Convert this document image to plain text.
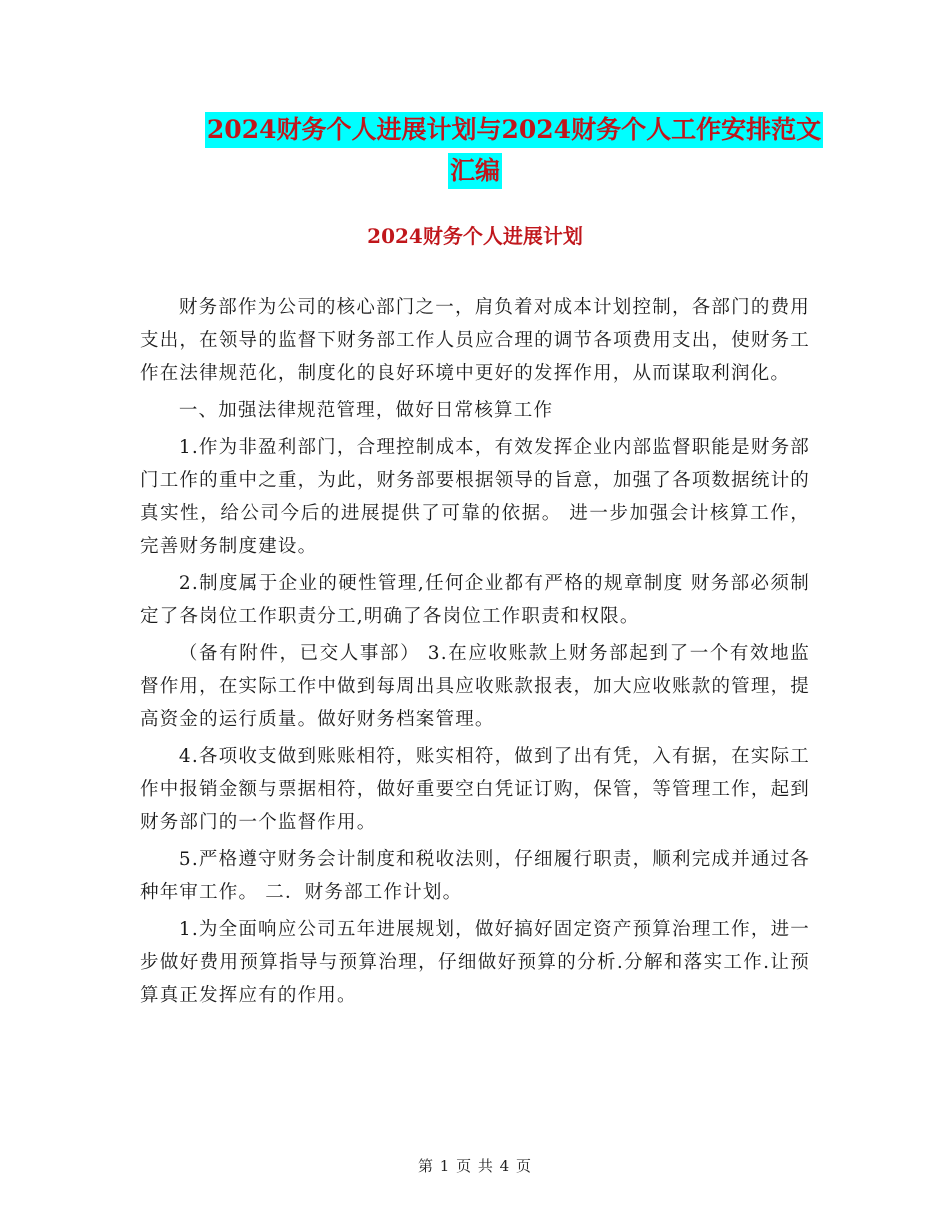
2024财务个人进展计划与2024财务个人工作安排范文
汇编
2024财务个人进展计划

财务部作为公司的核心部门之一，肩负着对成本计划控制，各部门的费用支出，在领导的监督下财务部工作人员应合理的调节各项费用支出，使财务工作在法律规范化，制度化的良好环境中更好的发挥作用，从而谋取利润化。

一、加强法律规范管理，做好日常核算工作

1.作为非盈利部门，合理控制成本，有效发挥企业内部监督职能是财务部门工作的重中之重，为此，财务部要根据领导的旨意，加强了各项数据统计的真实性，给公司今后的进展提供了可靠的依据。 进一步加强会计核算工作，完善财务制度建设。

2.制度属于企业的硬性管理,任何企业都有严格的规章制度 财务部必须制定了各岗位工作职责分工,明确了各岗位工作职责和权限。

（备有附件，已交人事部） 3.在应收账款上财务部起到了一个有效地监督作用，在实际工作中做到每周出具应收账款报表，加大应收账款的管理，提高资金的运行质量。做好财务档案管理。

4.各项收支做到账账相符，账实相符，做到了出有凭，入有据，在实际工作中报销金额与票据相符，做好重要空白凭证订购，保管，等管理工作，起到财务部门的一个监督作用。

5.严格遵守财务会计制度和税收法则，仔细履行职责，顺利完成并通过各种年审工作。 二．财务部工作计划。

1.为全面响应公司五年进展规划，做好搞好固定资产预算治理工作，进一步做好费用预算指导与预算治理，仔细做好预算的分析.分解和落实工作.让预算真正发挥应有的作用。

第 1 页 共 4 页
